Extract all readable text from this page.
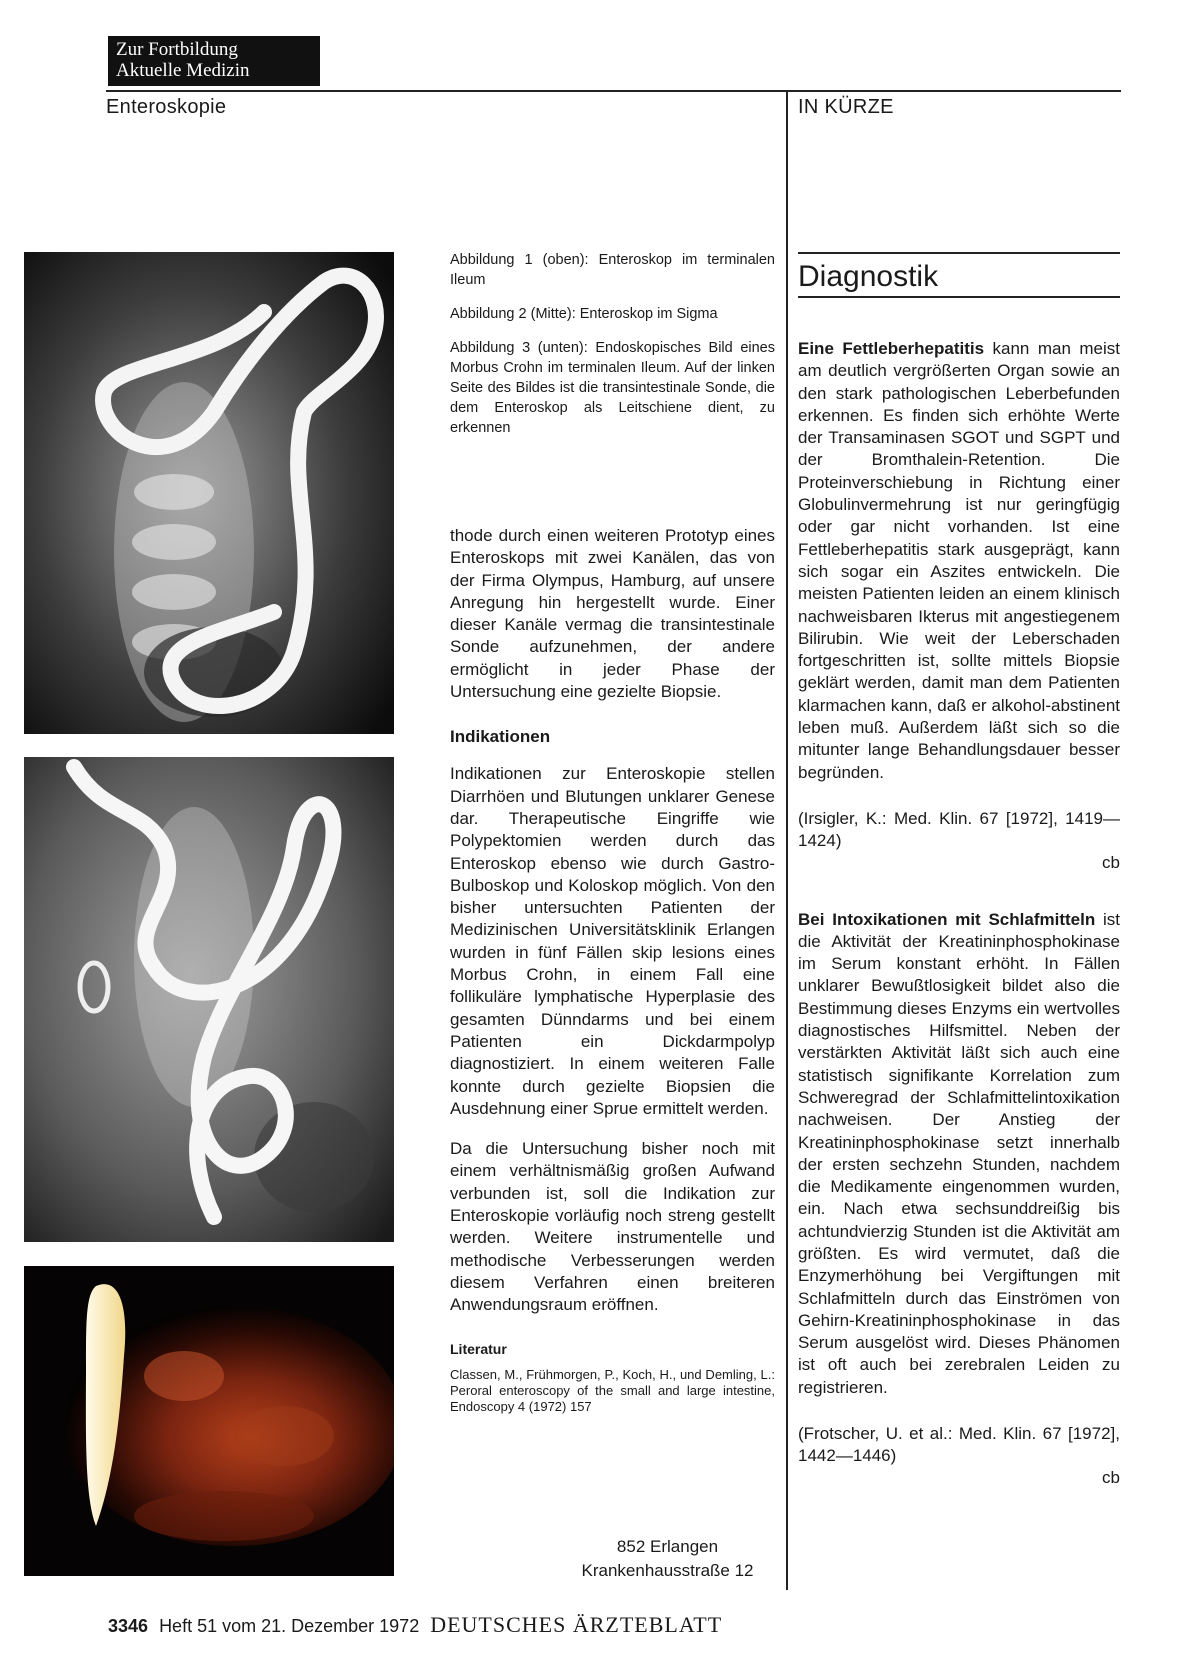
Zur Fortbildung
Aktuelle Medizin
Enteroskopie	IN KÜRZE

Abbildung 1 (oben): Enteroskop im terminalen Ileum

Abbildung 2 (Mitte): Enteroskop im Sigma

Abbildung 3 (unten): Endoskopisches Bild eines Morbus Crohn im terminalen Ileum. Auf der linken Seite des Bildes ist die transintestinale Sonde, die dem Enteroskop als Leitschiene dient, zu erkennen

thode durch einen weiteren Prototyp eines Enteroskops mit zwei Kanälen, das von der Firma Olympus, Hamburg, auf unsere Anregung hin hergestellt wurde. Einer dieser Kanäle vermag die transintestinale Sonde aufzunehmen, der andere ermöglicht in jeder Phase der Untersuchung eine gezielte Biopsie.

Indikationen

Indikationen zur Enteroskopie stellen Diarrhöen und Blutungen unklarer Genese dar. Therapeutische Eingriffe wie Polypektomien werden durch das Enteroskop ebenso wie durch Gastro-Bulboskop und Koloskop möglich. Von den bisher untersuchten Patienten der Medizinischen Universitätsklinik Erlangen wurden in fünf Fällen skip lesions eines Morbus Crohn, in einem Fall eine follikuläre lymphatische Hyperplasie des gesamten Dünndarms und bei einem Patienten ein Dickdarmpolyp diagnostiziert. In einem weiteren Falle konnte durch gezielte Biopsien die Ausdehnung einer Sprue ermittelt werden.

Da die Untersuchung bisher noch mit einem verhältnismäßig großen Aufwand verbunden ist, soll die Indikation zur Enteroskopie vorläufig noch streng gestellt werden. Weitere instrumentelle und methodische Verbesserungen werden diesem Verfahren einen breiteren Anwendungsraum eröffnen.

Literatur

Classen, M., Frühmorgen, P., Koch, H., und Demling, L.: Peroral enteroscopy of the small and large intestine, Endoscopy 4 (1972) 157

852 Erlangen
Krankenhausstraße 12
Diagnostik

Eine Fettleberhepatitis kann man meist am deutlich vergrößerten Organ sowie an den stark pathologischen Leberbefunden erkennen. Es finden sich erhöhte Werte der Transaminasen SGOT und SGPT und der Bromthalein-Retention. Die Proteinverschiebung in Richtung einer Globulinvermehrung ist nur geringfügig oder gar nicht vorhanden. Ist eine Fettleberhepatitis stark ausgeprägt, kann sich sogar ein Aszites entwickeln. Die meisten Patienten leiden an einem klinisch nachweisbaren Ikterus mit angestiegenem Bilirubin. Wie weit der Leberschaden fortgeschritten ist, sollte mittels Biopsie geklärt werden, damit man dem Patienten klarmachen kann, daß er alkohol-abstinent leben muß. Außerdem läßt sich so die mitunter lange Behandlungsdauer besser begründen.

(Irsigler, K.: Med. Klin. 67 [1972], 1419—1424)
cb

Bei Intoxikationen mit Schlafmitteln ist die Aktivität der Kreatininphosphokinase im Serum konstant erhöht. In Fällen unklarer Bewußtlosigkeit bildet also die Bestimmung dieses Enzyms ein wertvolles diagnostisches Hilfsmittel. Neben der verstärkten Aktivität läßt sich auch eine statistisch signifikante Korrelation zum Schweregrad der Schlafmittelintoxikation nachweisen. Der Anstieg der Kreatininphosphokinase setzt innerhalb der ersten sechzehn Stunden, nachdem die Medikamente eingenommen wurden, ein. Nach etwa sechsunddreißig bis achtundvierzig Stunden ist die Aktivität am größten. Es wird vermutet, daß die Enzymerhöhung bei Vergiftungen mit Schlafmitteln durch das Einströmen von Gehirn-Kreatininphosphokinase in das Serum ausgelöst wird. Dieses Phänomen ist oft auch bei zerebralen Leiden zu registrieren.

(Frotscher, U. et al.: Med. Klin. 67 [1972], 1442—1446)
cb

3346 Heft 51 vom 21. Dezember 1972 DEUTSCHES ÄRZTEBLATT
